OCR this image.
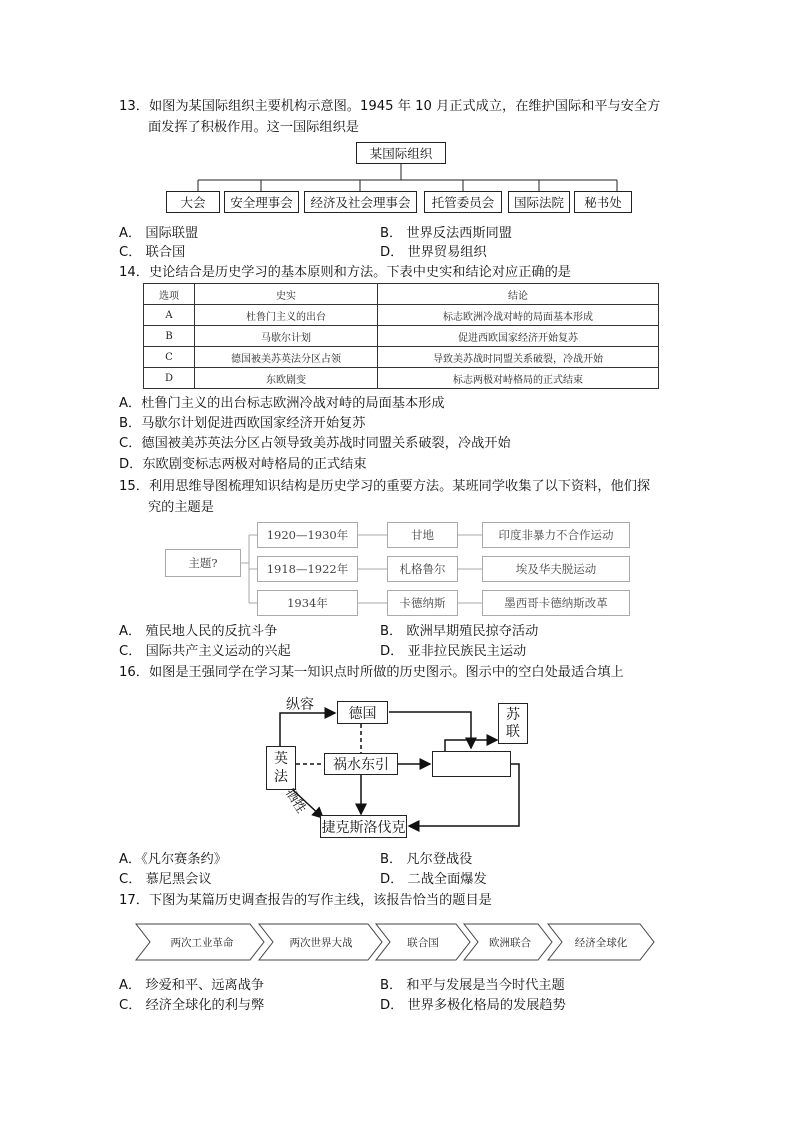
13．如图为某国际组织主要机构示意图。1945 年 10 月正式成立，在维护国际和平与安全方
面发挥了积极作用。这一国际组织是
某国际组织
大会 安全理事会 经济及社会理事会 托管委员会 国际法院 秘书处
A． 国际联盟	B． 世界反法西斯同盟
C． 联合国	D． 世界贸易组织
14．史论结合是历史学习的基本原则和方法。下表中史实和结论对应正确的是
选项	史实	结论
A	杜鲁门主义的出台	标志欧洲冷战对峙的局面基本形成
B	马歇尔计划	促进西欧国家经济开始复苏
C	德国被美苏英法分区占领	导致美苏战时同盟关系破裂，冷战开始
D	东欧剧变	标志两极对峙格局的正式结束
A．杜鲁门主义的出台标志欧洲冷战对峙的局面基本形成
B．马歇尔计划促进西欧国家经济开始复苏
C．德国被美苏英法分区占领导致美苏战时同盟关系破裂，冷战开始
D．东欧剧变标志两极对峙格局的正式结束
15．利用思维导图梳理知识结构是历史学习的重要方法。某班同学收集了以下资料，他们探
究的主题是
主题?
1920—1930年	甘地	印度非暴力不合作运动
1918—1922年	札格鲁尔	埃及华夫脱运动
1934年	卡德纳斯	墨西哥卡德纳斯改革
A． 殖民地人民的反抗斗争	B． 欧洲早期殖民掠夺活动
C． 国际共产主义运动的兴起	D． 亚非拉民族民主运动
16．如图是王强同学在学习某一知识点时所做的历史图示。图示中的空白处最适合填上
纵容
德国	苏
联
英
法
祸水东引
牺牲
捷克斯洛伐克
A．《凡尔赛条约》	B． 凡尔登战役
C． 慕尼黑会议	D． 二战全面爆发
17．下图为某篇历史调查报告的写作主线，该报告恰当的题目是
两次工业革命	两次世界大战	联合国	欧洲联合	经济全球化
A． 珍爱和平、远离战争	B． 和平与发展是当今时代主题
C． 经济全球化的利与弊	D． 世界多极化格局的发展趋势
